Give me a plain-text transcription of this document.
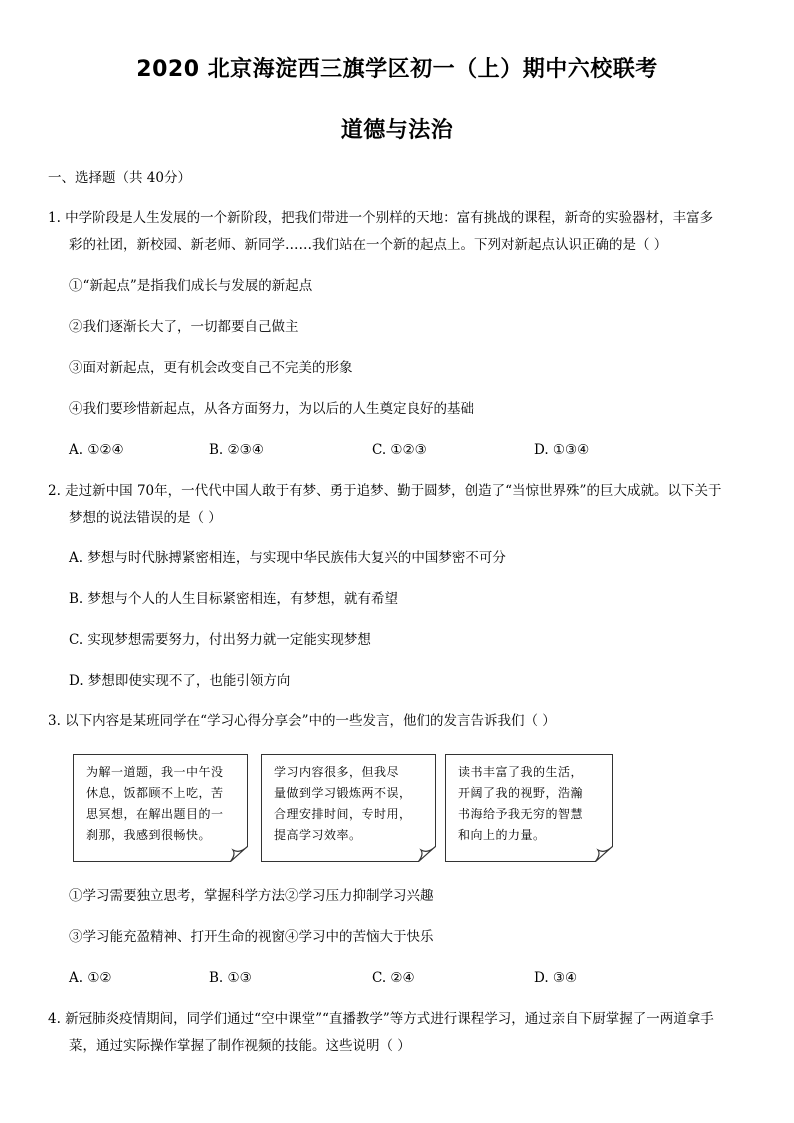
2020 北京海淀西三旗学区初一（上）期中六校联考
道德与法治
一、选择题（共 40分）
1. 中学阶段是人生发展的一个新阶段，把我们带进一个别样的天地：富有挑战的课程，新奇的实验器材，丰富多
彩的社团，新校园、新老师、新同学……我们站在一个新的起点上。下列对新起点认识正确的是（ ）
①“新起点”是指我们成长与发展的新起点
②我们逐渐长大了，一切都要自己做主
③面对新起点，更有机会改变自己不完美的形象
④我们要珍惜新起点，从各方面努力，为以后的人生奠定良好的基础
A. ①②④	B. ②③④	C. ①②③	D. ①③④
2. 走过新中国 70年，一代代中国人敢于有梦、勇于追梦、勤于圆梦，创造了“当惊世界殊”的巨大成就。以下关于
梦想的说法错误的是（ ）
A. 梦想与时代脉搏紧密相连，与实现中华民族伟大复兴的中国梦密不可分
B. 梦想与个人的人生目标紧密相连，有梦想，就有希望
C. 实现梦想需要努力，付出努力就一定能实现梦想
D. 梦想即使实现不了，也能引领方向
3. 以下内容是某班同学在“学习心得分享会”中的一些发言，他们的发言告诉我们（ ）
为解一道题，我一中午没
休息，饭都顾不上吃，苦
思冥想，在解出题目的一
刹那，我感到很畅快。
学习内容很多，但我尽
量做到学习锻炼两不误，
合理安排时间，专时用，
提高学习效率。
读书丰富了我的生活，
开阔了我的视野，浩瀚
书海给予我无穷的智慧
和向上的力量。
①学习需要独立思考，掌握科学方法②学习压力抑制学习兴趣
③学习能充盈精神、打开生命的视窗④学习中的苦恼大于快乐
A. ①②	B. ①③	C. ②④	D. ③④
4. 新冠肺炎疫情期间，同学们通过“空中课堂”“直播教学”等方式进行课程学习，通过亲自下厨掌握了一两道拿手
菜，通过实际操作掌握了制作视频的技能。这些说明（ ）
